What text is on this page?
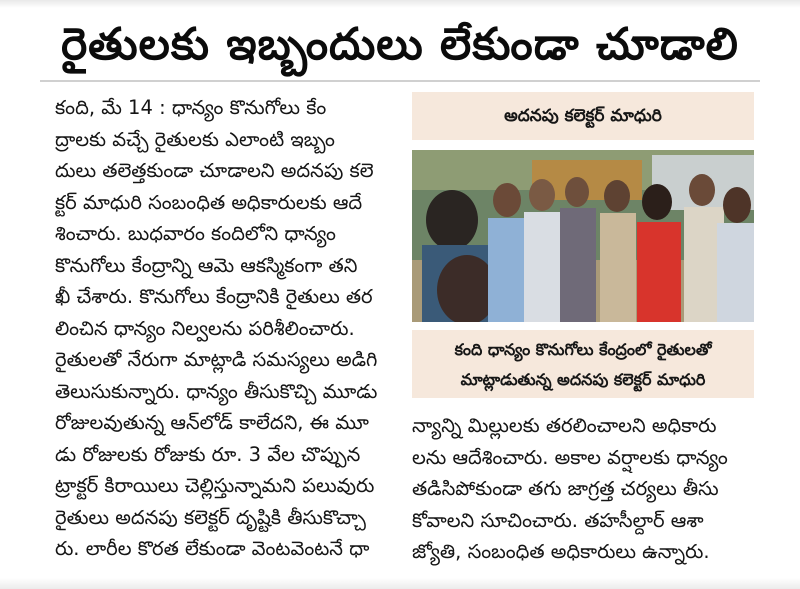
రైతులకు ఇబ్బందులు లేకుండా చూడాలి
కంది, మే 14 : ధాన్యం కొనుగోలు కేం
ద్రాలకు వచ్చే రైతులకు ఎలాంటి ఇబ్బం
దులు తలెత్తకుండా చూడాలని అదనపు కలె
క్టర్ మాధురి సంబంధిత అధికారులకు ఆదే
శించారు. బుధవారం కందిలోని ధాన్యం
కొనుగోలు కేంద్రాన్ని ఆమె ఆకస్మికంగా తని
ఖీ చేశారు. కొనుగోలు కేంద్రానికి రైతులు తర
లించిన ధాన్యం నిల్వలను పరిశీలించారు.
రైతులతో నేరుగా మాట్లాడి సమస్యలు అడిగి
తెలుసుకున్నారు. ధాన్యం తీసుకొచ్చి మూడు
రోజులవుతున్న ఆన్‌లోడ్ కాలేదని, ఈ మూ
డు రోజులకు రోజుకు రూ. 3 వేల చొప్పున
ట్రాక్టర్ కిరాయిలు చెల్లిస్తున్నామని పలువురు
రైతులు అదనపు కలెక్టర్ దృష్టికి తీసుకొచ్చా
రు. లారీల కొరత లేకుండా వెంటవెంటనే ధా
అదనపు కలెక్టర్ మాధురి
కంది ధాన్యం కొనుగోలు కేంద్రంలో రైతులతో
మాట్లాడుతున్న అదనపు కలెక్టర్ మాధురి
న్యాన్ని మిల్లులకు తరలించాలని అధికారు
లను ఆదేశించారు. అకాల వర్షాలకు ధాన్యం
తడిసిపోకుండా తగు జాగ్రత్త చర్యలు తీసు
కోవాలని సూచించారు. తహసీల్దార్ ఆశా
జ్యోతి, సంబంధిత అధికారులు ఉన్నారు.
